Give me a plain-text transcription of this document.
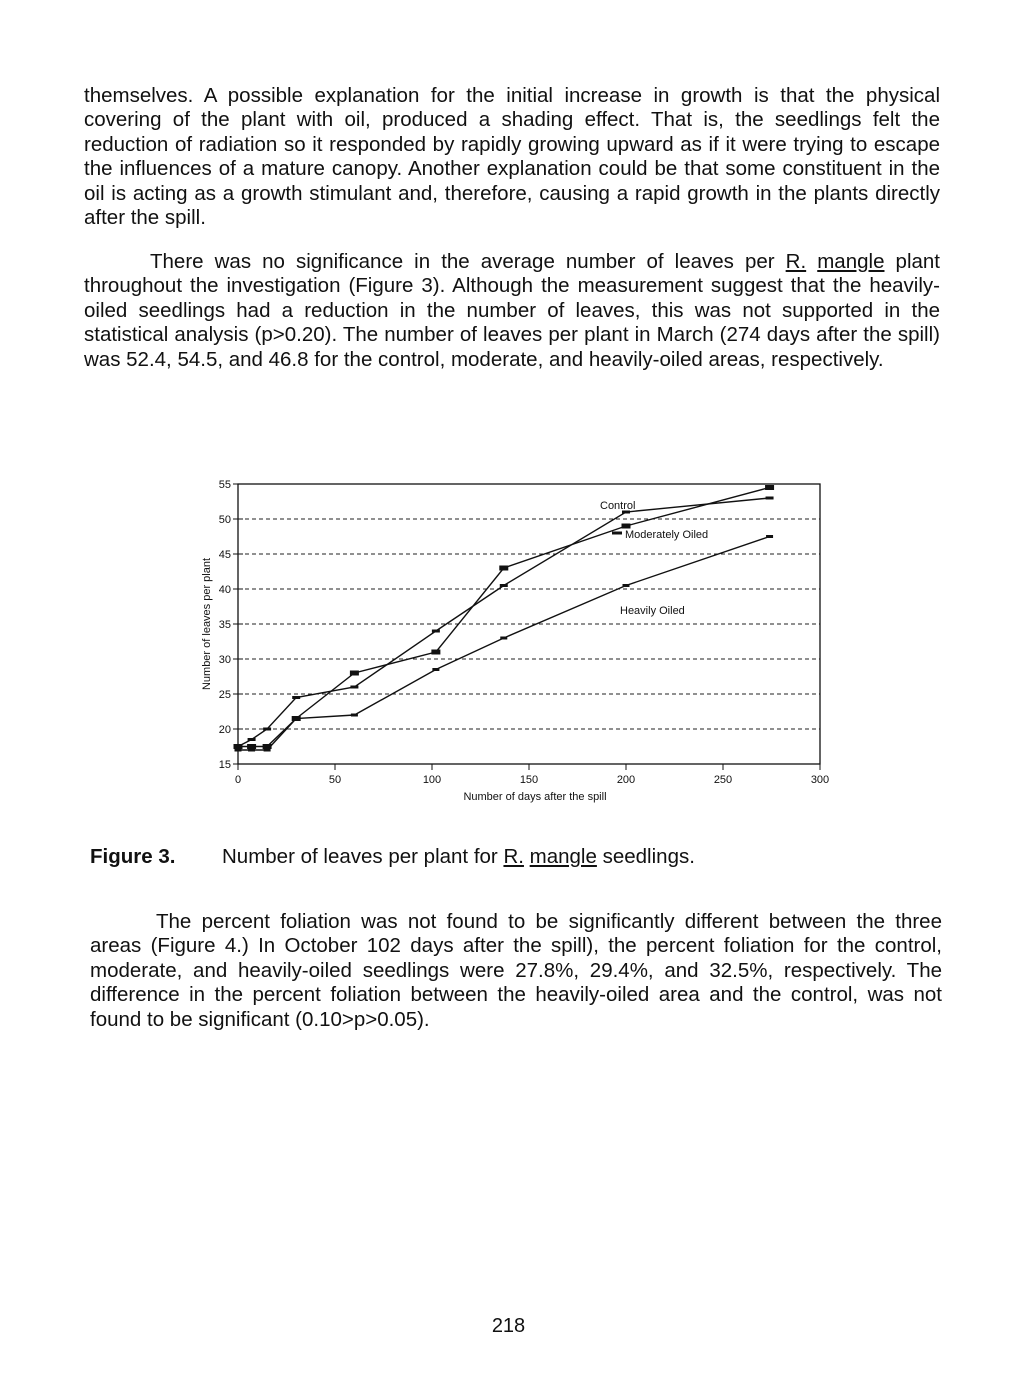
themselves. A possible explanation for the initial increase in growth is that the physical covering of the plant with oil, produced a shading effect. That is, the seedlings felt the reduction of radiation so it responded by rapidly growing upward as if it were trying to escape the influences of a mature canopy. Another explanation could be that some constituent in the oil is acting as a growth stimulant and, therefore, causing a rapid growth in the plants directly after the spill.

There was no significance in the average number of leaves per R. mangle plant throughout the investigation (Figure 3). Although the measurement suggest that the heavily-oiled seedlings had a reduction in the number of leaves, this was not supported in the statistical analysis (p>0.20). The number of leaves per plant in March (274 days after the spill) was 52.4, 54.5, and 46.8 for the control, moderate, and heavily-oiled areas, respectively.

15
20
25
30
35
40
45
50
55
0	50	100	150	200	250	300
Number of days after the spill
Number of leaves per plant
Control
Moderately Oiled
Heavily Oiled
Figure 3. Number of leaves per plant for R. mangle seedlings.

The percent foliation was not found to be significantly different between the three areas (Figure 4.) In October 102 days after the spill), the percent foliation for the control, moderate, and heavily-oiled seedlings were 27.8%, 29.4%, and 32.5%, respectively. The difference in the percent foliation between the heavily-oiled area and the control, was not found to be significant (0.10>p>0.05).

218
